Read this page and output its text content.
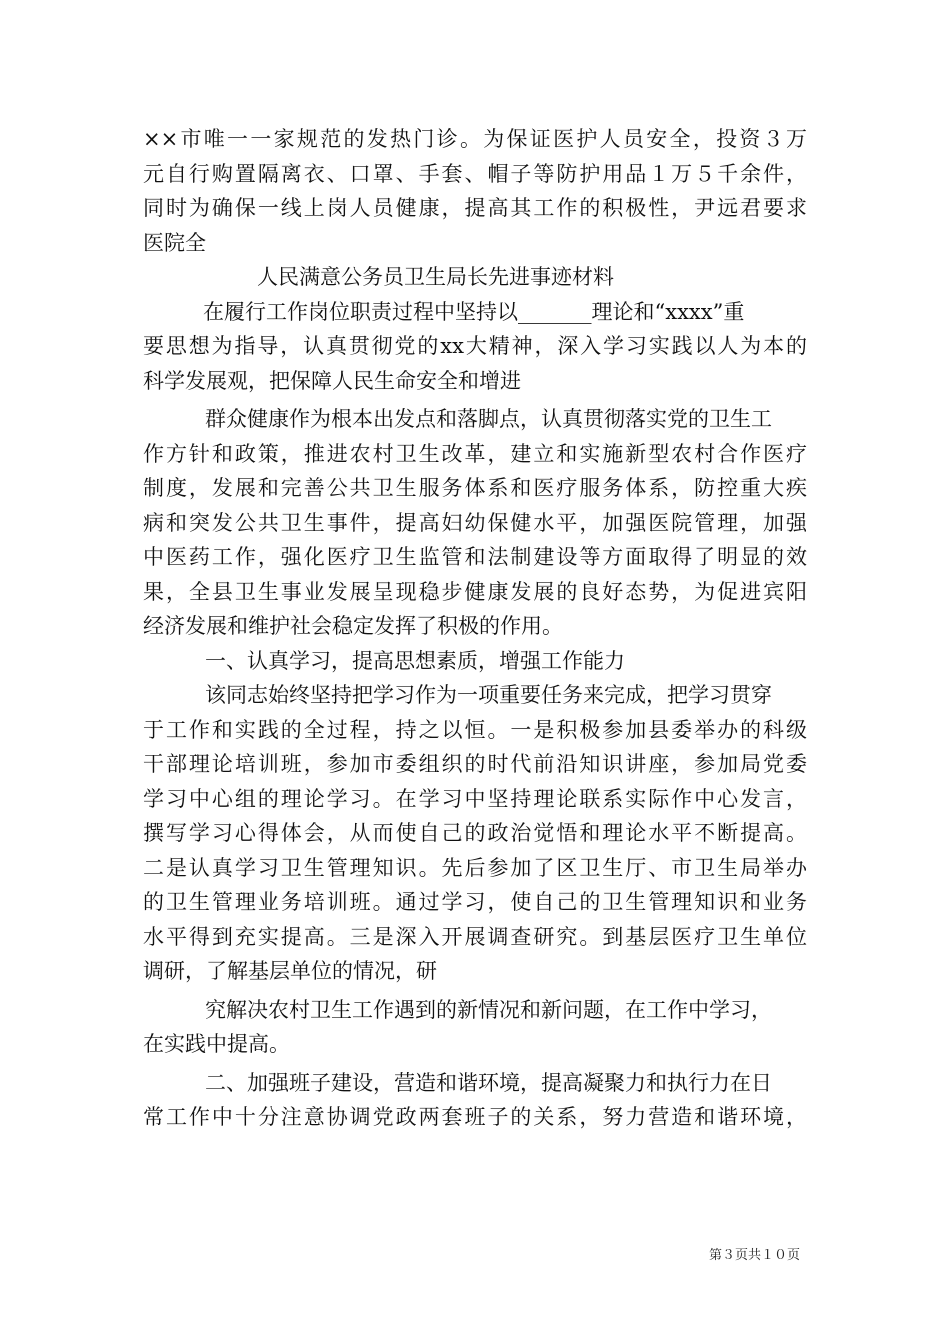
××市唯一一家规范的发热门诊。为保证医护人员安全，投资３万
元自行购置隔离衣、口罩、手套、帽子等防护用品１万５千余件，
同时为确保一线上岗人员健康，提高其工作的积极性，尹远君要求
医院全
人民满意公务员卫生局长先进事迹材料
在履行工作岗位职责过程中坚持以_______理论和“xxxx”重
要思想为指导，认真贯彻党的xx大精神，深入学习实践以人为本的
科学发展观，把保障人民生命安全和增进
群众健康作为根本出发点和落脚点，认真贯彻落实党的卫生工
作方针和政策，推进农村卫生改革，建立和实施新型农村合作医疗
制度，发展和完善公共卫生服务体系和医疗服务体系，防控重大疾
病和突发公共卫生事件，提高妇幼保健水平，加强医院管理，加强
中医药工作，强化医疗卫生监管和法制建设等方面取得了明显的效
果，全县卫生事业发展呈现稳步健康发展的良好态势，为促进宾阳
经济发展和维护社会稳定发挥了积极的作用。
一、认真学习，提高思想素质，增强工作能力
该同志始终坚持把学习作为一项重要任务来完成，把学习贯穿
于工作和实践的全过程，持之以恒。一是积极参加县委举办的科级
干部理论培训班，参加市委组织的时代前沿知识讲座，参加局党委
学习中心组的理论学习。在学习中坚持理论联系实际作中心发言，
撰写学习心得体会，从而使自己的政治觉悟和理论水平不断提高。
二是认真学习卫生管理知识。先后参加了区卫生厅、市卫生局举办
的卫生管理业务培训班。通过学习，使自己的卫生管理知识和业务
水平得到充实提高。三是深入开展调查研究。到基层医疗卫生单位
调研，了解基层单位的情况，研
究解决农村卫生工作遇到的新情况和新问题，在工作中学习，
在实践中提高。
二、加强班子建设，营造和谐环境，提高凝聚力和执行力在日
常工作中十分注意协调党政两套班子的关系，努力营造和谐环境，
第３页共１０页
